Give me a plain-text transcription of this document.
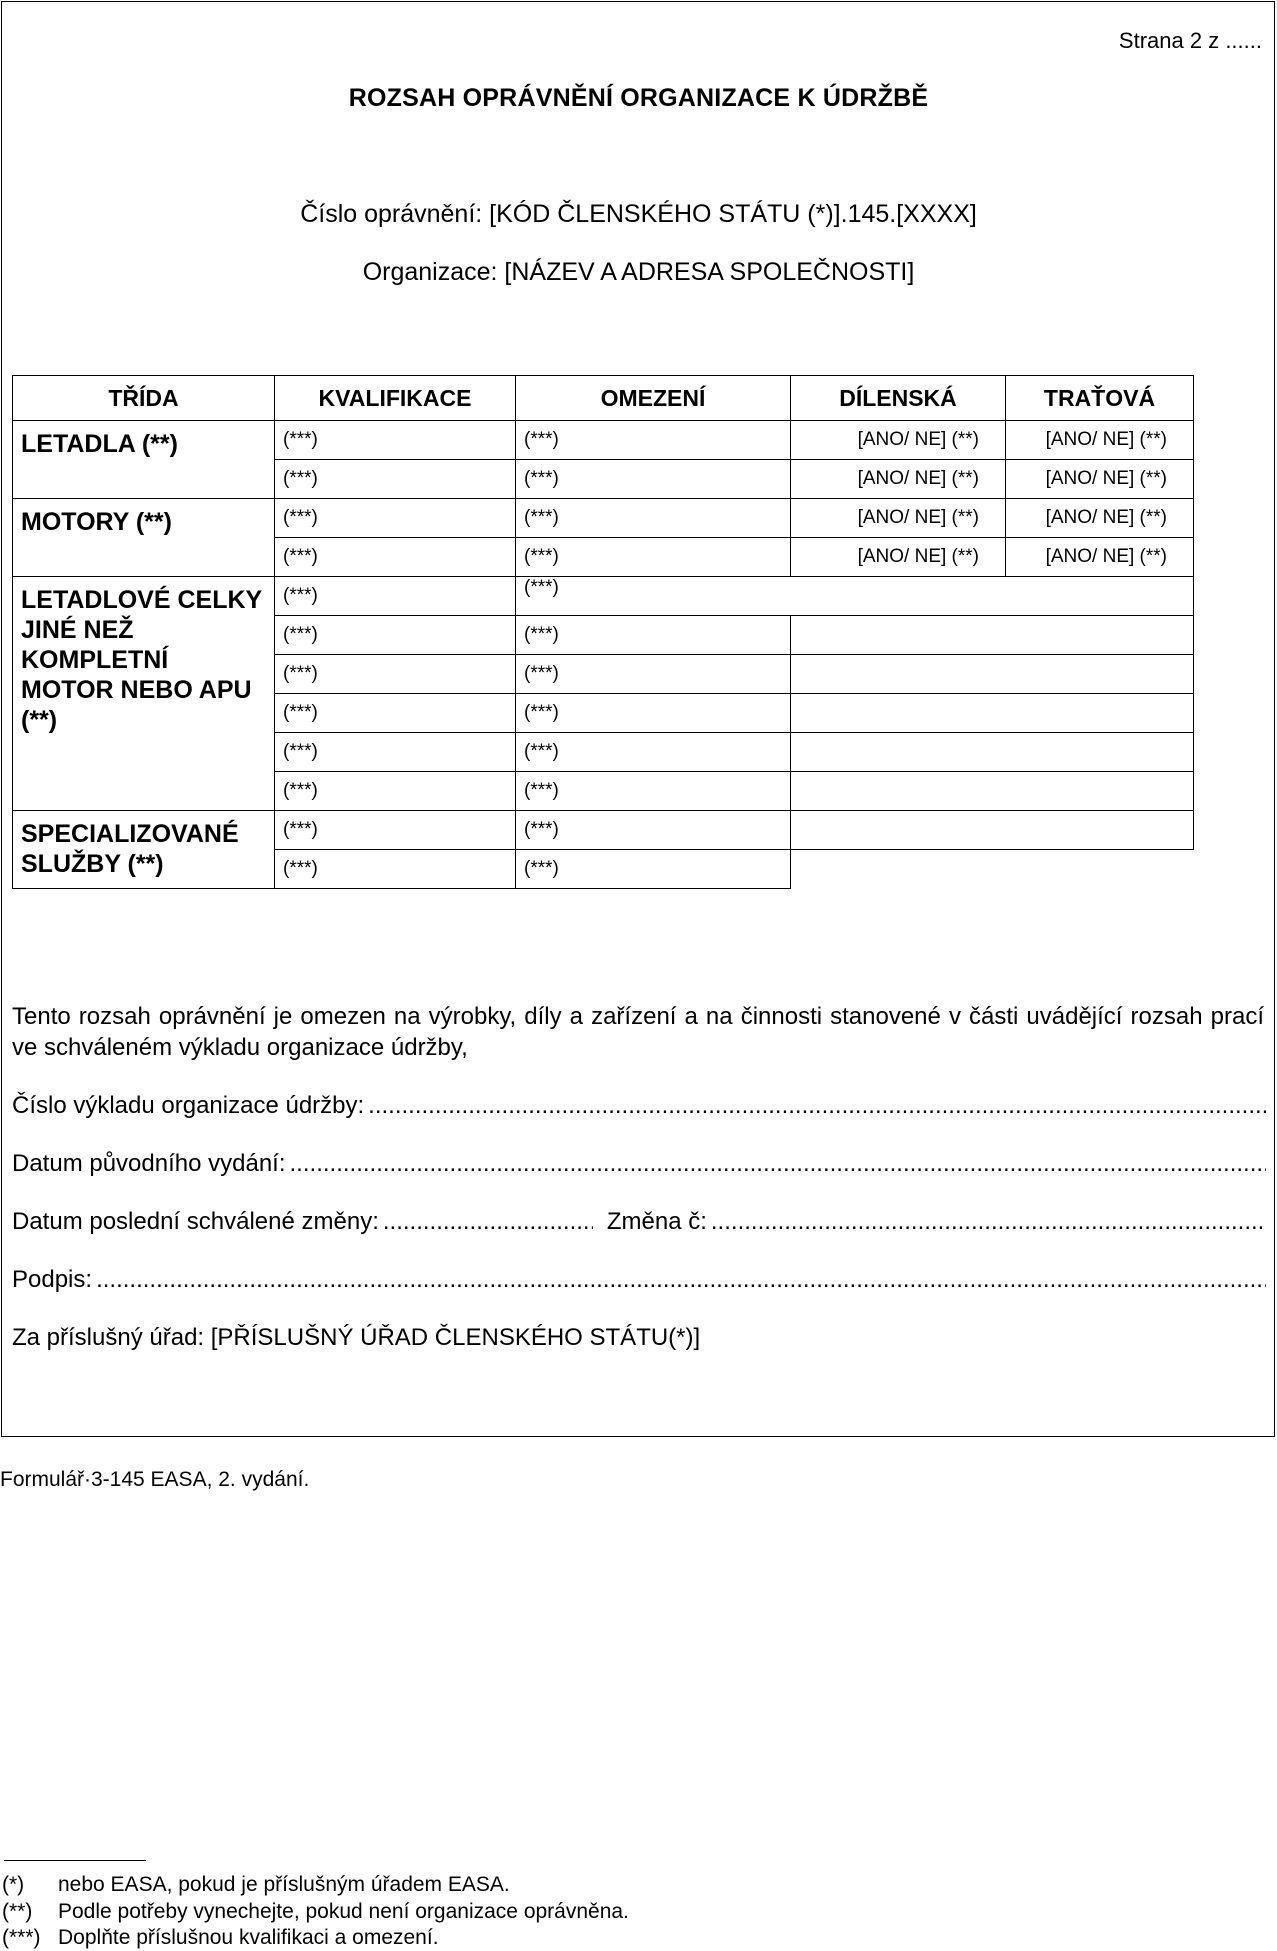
Strana 2 z ......
ROZSAH OPRÁVNĚNÍ ORGANIZACE K ÚDRŽBĚ
Číslo oprávnění: [KÓD ČLENSKÉHO STÁTU (*)].145.[XXXX]
Organizace: [NÁZEV A ADRESA SPOLEČNOSTI]
TŘÍDA	KVALIFIKACE	OMEZENÍ	DÍLENSKÁ	TRAŤOVÁ
LETADLA (**)	(***)	(***)	[ANO/ NE] (**)	[ANO/ NE] (**)
	(***)	(***)	[ANO/ NE] (**)	[ANO/ NE] (**)
MOTORY (**)	(***)	(***)	[ANO/ NE] (**)	[ANO/ NE] (**)
	(***)	(***)	[ANO/ NE] (**)	[ANO/ NE] (**)
LETADLOVÉ CELKY JINÉ NEŽ KOMPLETNÍ MOTOR NEBO APU (**)	(***)	(***)		

	(***)	(***)		
	(***)	(***)		
	(***)	(***)		
	(***)	(***)		
	(***)	(***)		
SPECIALIZOVANÉ SLUŽBY (**)	(***)	(***)		
	(***)	(***)		
Tento rozsah oprávnění je omezen na výrobky, díly a zařízení a na činnosti stanovené v části uvádějící rozsah prací ve schváleném výkladu organizace údržby,
Číslo výkladu organizace údržby:
.....
Datum původního vydání:
.....
Datum poslední schválené změny: .....	Změna č:
.....
Podpis:
.....
Za příslušný úřad: [PŘÍSLUŠNÝ ÚŘAD ČLENSKÉHO STÁTU(*)]
Formulář·3-145 EASA, 2. vydání.
(*) nebo EASA, pokud je příslušným úřadem EASA.
(**) Podle potřeby vynechejte, pokud není organizace oprávněna.
(***) Doplňte příslušnou kvalifikaci a omezení.
